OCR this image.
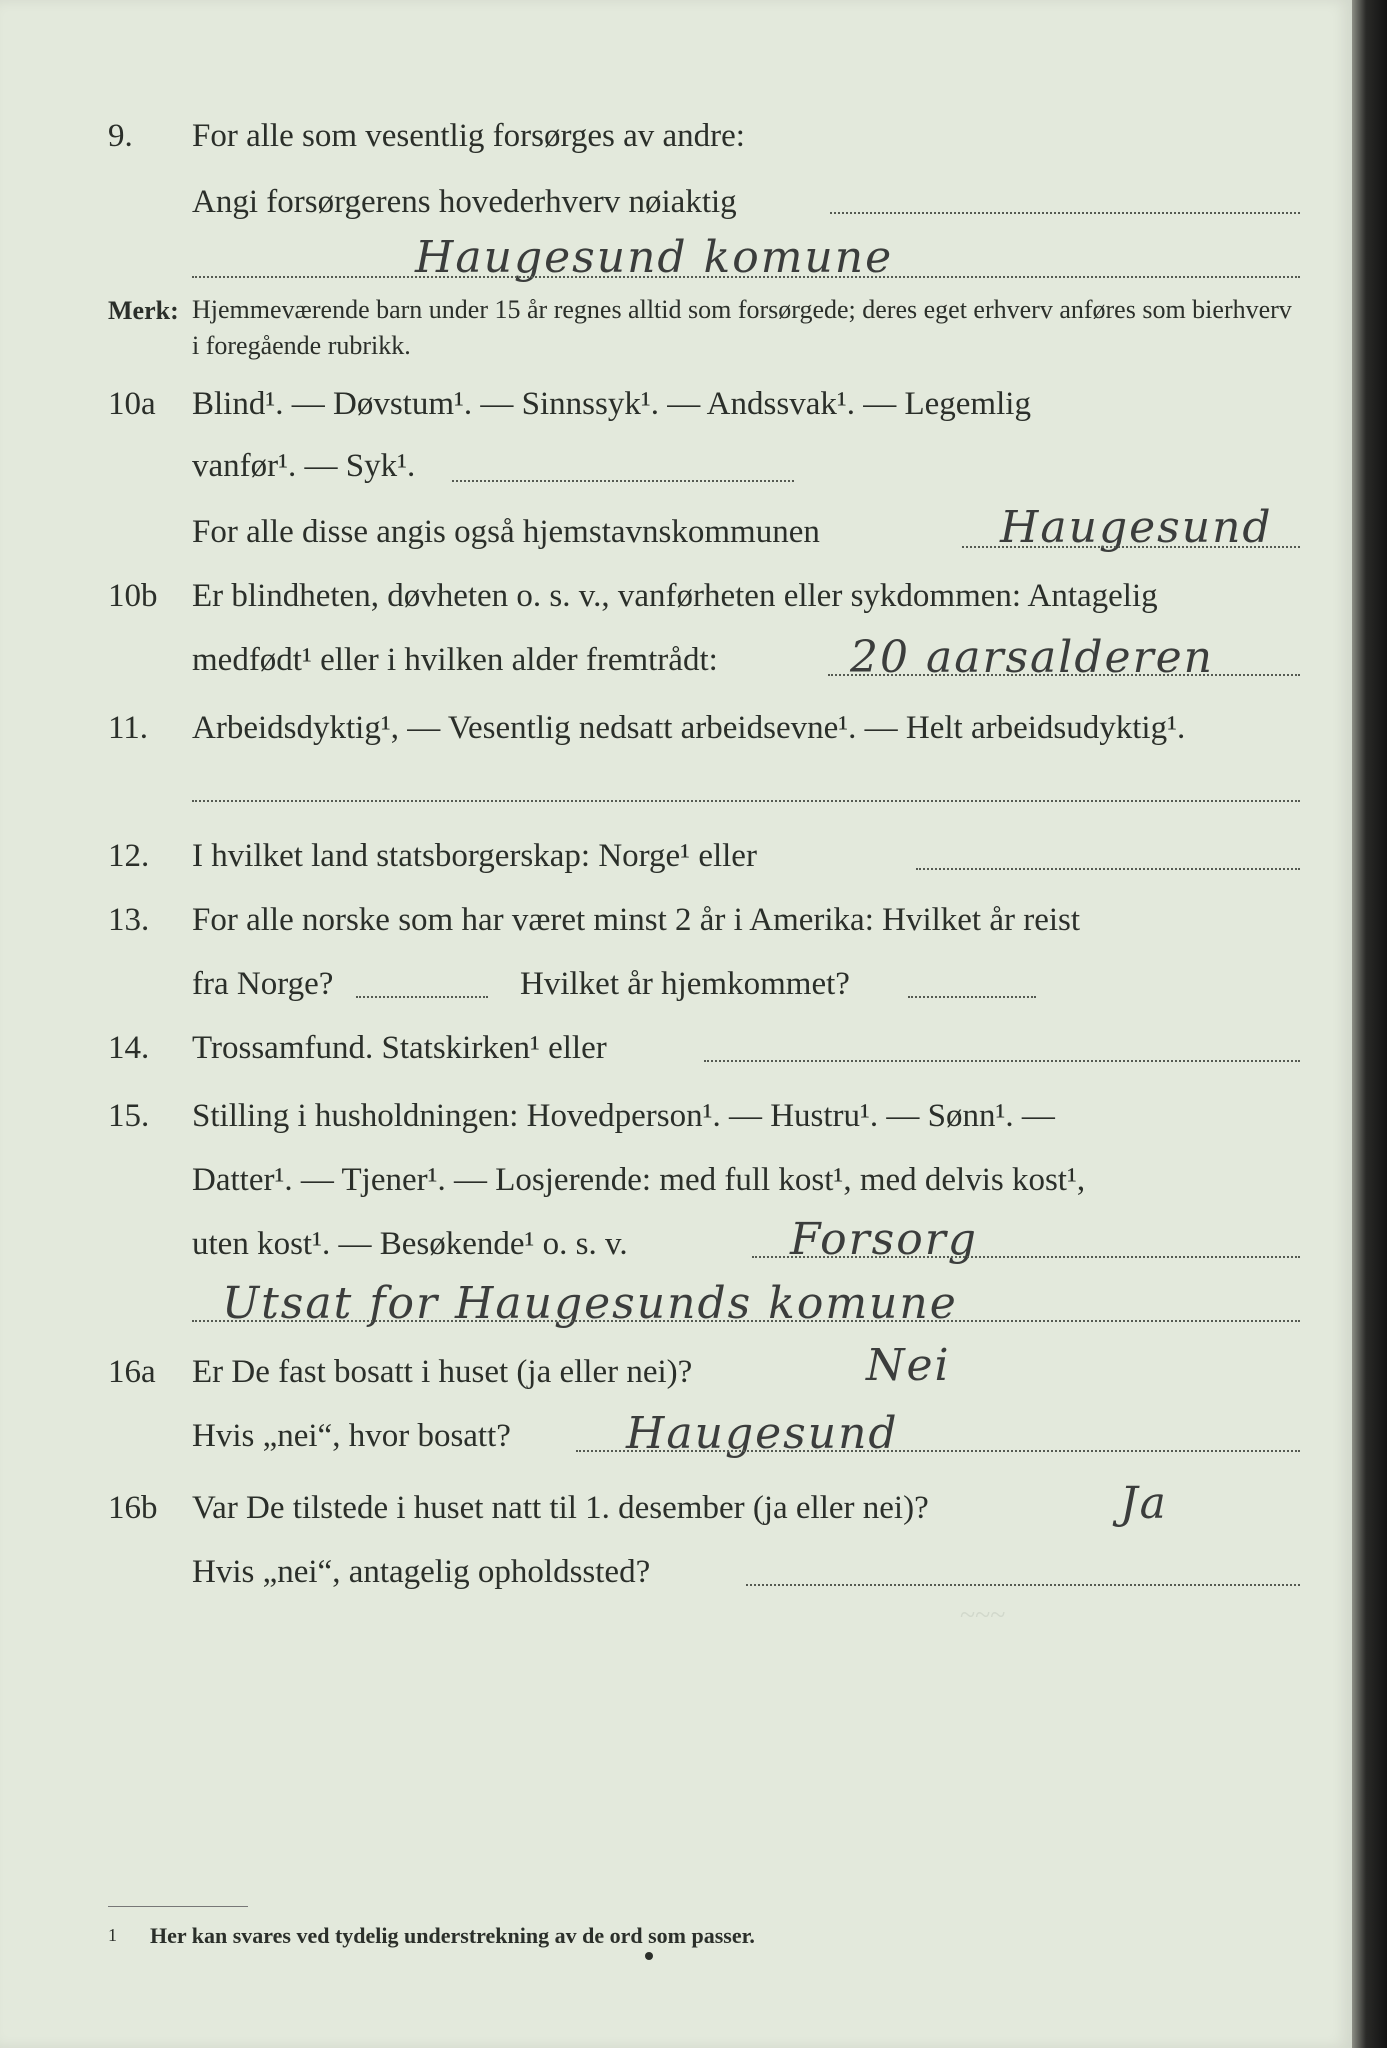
~~~
9. For alle som vesentlig forsørges av andre:
Angi forsørgerens hovederhverv nøiaktig
Haugesund komune
Merk: Hjemmeværende barn under 15 år regnes alltid som forsørgede; deres eget erhverv anføres som bierhverv i foregående rubrikk.
10a Blind¹. — Døvstum¹. — Sinnssyk¹. — Andssvak¹. — Legemlig
vanfør¹. — Syk¹.
For alle disse angis også hjemstavnskommunen	Haugesund
10b Er blindheten, døvheten o. s. v., vanførheten eller sykdommen: Antagelig
medfødt¹ eller i hvilken alder fremtrådt:	20 aarsalderen
11. Arbeidsdyktig¹, — Vesentlig nedsatt arbeidsevne¹. — Helt arbeidsudyktig¹.
12. I hvilket land statsborgerskap: Norge¹ eller
13. For alle norske som har været minst 2 år i Amerika: Hvilket år reist
fra Norge?	Hvilket år hjemkommet?
14. Trossamfund. Statskirken¹ eller
15. Stilling i husholdningen: Hovedperson¹. — Hustru¹. — Sønn¹. —
Datter¹. — Tjener¹. — Losjerende: med full kost¹, med delvis kost¹,
uten kost¹. — Besøkende¹ o. s. v.	Forsorg
Utsat for Haugesunds komune
16a Er De fast bosatt i huset (ja eller nei)?	Nei
Hvis „nei“, hvor bosatt?	Haugesund
16b Var De tilstede i huset natt til 1. desember (ja eller nei)?	Ja
Hvis „nei“, antagelig opholdssted?
1 Her kan svares ved tydelig understrekning av de ord som passer.
